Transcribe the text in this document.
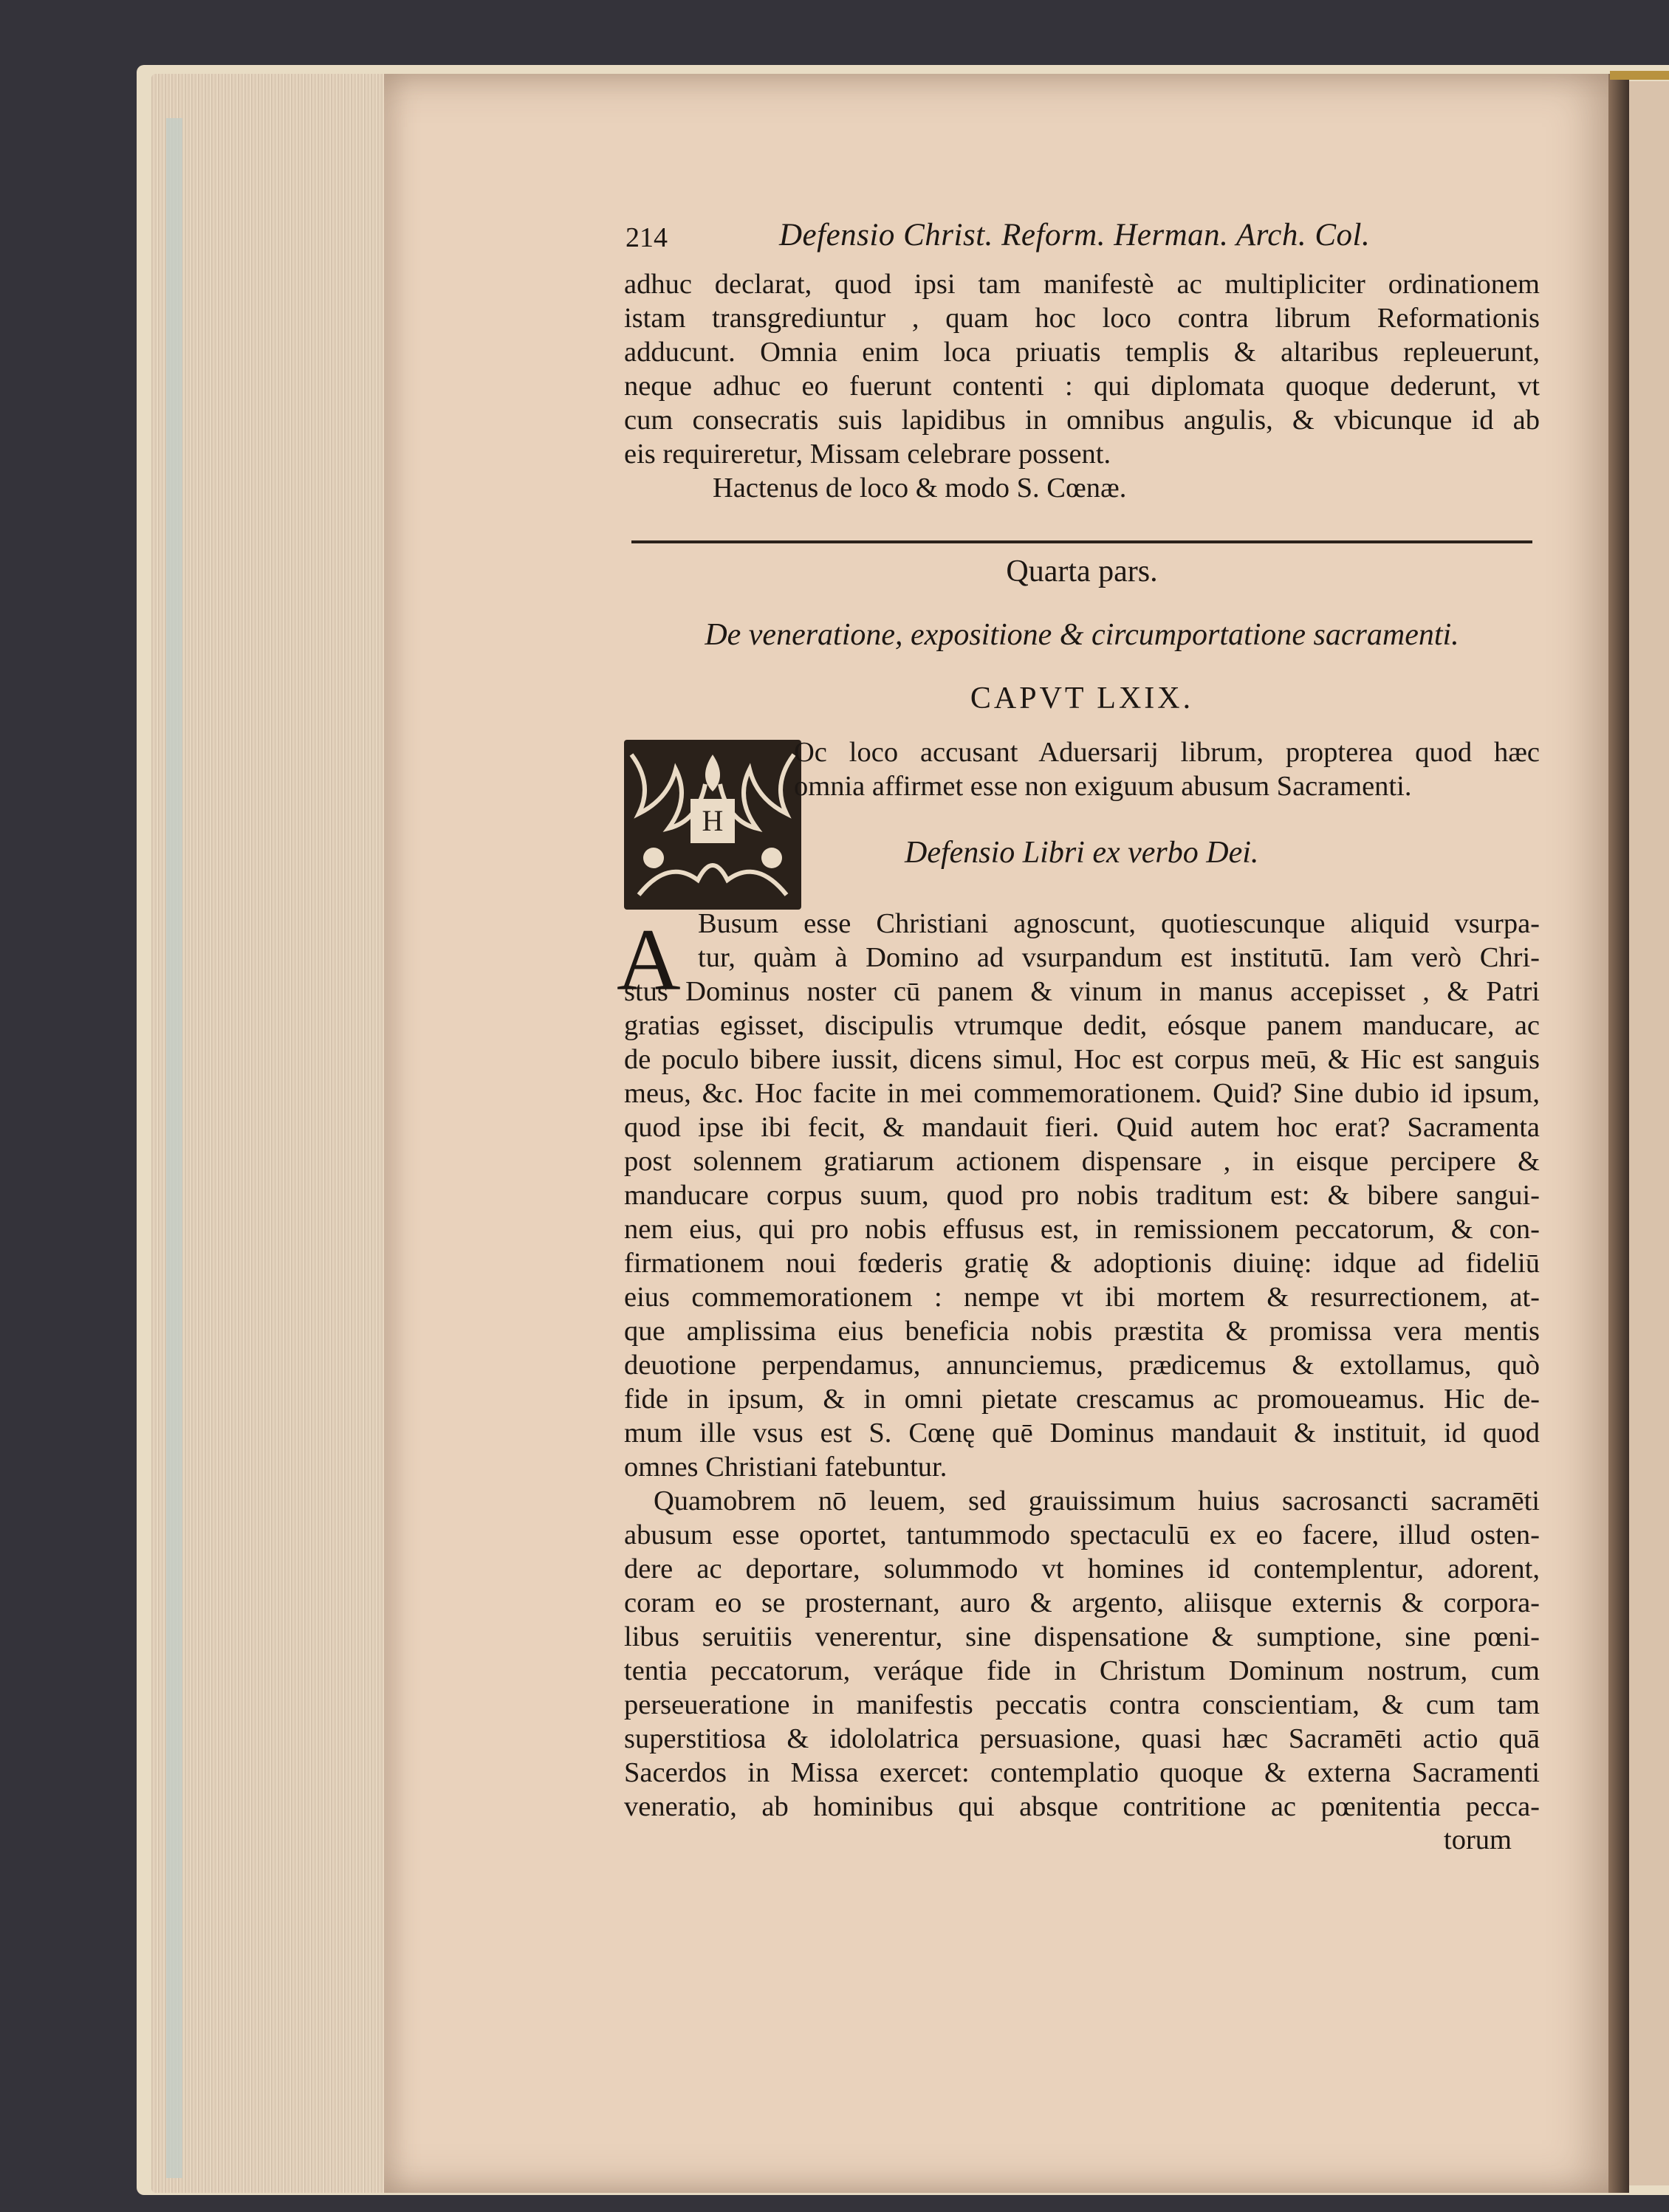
214	Defensio Christ. Reform. Herman. Arch. Col.
adhuc declarat, quod ipsi tam manifestè ac multipliciter ordinationem
istam transgrediuntur , quam hoc loco contra librum Reformationis
adducunt. Omnia enim loca priuatis templis & altaribus repleuerunt,
neque adhuc eo fuerunt contenti : qui diplomata quoque dederunt, vt
cum consecratis suis lapidibus in omnibus angulis, & vbicunque id ab
eis requireretur, Missam celebrare possent.
Hactenus de loco & modo S. Cœnæ.
Quarta pars.
De veneratione, expositione & circumportatione sacramenti.
CAPVT LXIX.
H
Oc loco accusant Aduersarij librum, propterea quod hæc
omnia affirmet esse non exiguum abusum Sacramenti.
Defensio Libri ex verbo Dei.
A Busum esse Christiani agnoscunt, quotiescunque aliquid vsurpa-
tur, quàm à Domino ad vsurpandum est institutū. Iam verò Chri-
stus Dominus noster cū panem & vinum in manus accepisset , & Patri
gratias egisset, discipulis vtrumque dedit, eósque panem manducare, ac
de poculo bibere iussit, dicens simul, Hoc est corpus meū, & Hic est sanguis
meus, &c. Hoc facite in mei commemorationem. Quid? Sine dubio id ipsum,
quod ipse ibi fecit, & mandauit fieri. Quid autem hoc erat? Sacramenta
post solennem gratiarum actionem dispensare , in eisque percipere &
manducare corpus suum, quod pro nobis traditum est: & bibere sangui-
nem eius, qui pro nobis effusus est, in remissionem peccatorum, & con-
firmationem noui fœderis gratię & adoptionis diuinę: idque ad fideliū
eius commemorationem : nempe vt ibi mortem & resurrectionem, at-
que amplissima eius beneficia nobis præstita & promissa vera mentis
deuotione perpendamus, annunciemus, prædicemus & extollamus, quò
fide in ipsum, & in omni pietate crescamus ac promoueamus. Hic de-
mum ille vsus est S. Cœnę quē Dominus mandauit & instituit, id quod
omnes Christiani fatebuntur.
Quamobrem nō leuem, sed grauissimum huius sacrosancti sacramēti
abusum esse oportet, tantummodo spectaculū ex eo facere, illud osten-
dere ac deportare, solummodo vt homines id contemplentur, adorent,
coram eo se prosternant, auro & argento, aliisque externis & corpora-
libus seruitiis venerentur, sine dispensatione & sumptione, sine pœni-
tentia peccatorum, veráque fide in Christum Dominum nostrum, cum
perseueratione in manifestis peccatis contra conscientiam, & cum tam
superstitiosa & idololatrica persuasione, quasi hæc Sacramēti actio quā
Sacerdos in Missa exercet: contemplatio quoque & externa Sacramenti
veneratio, ab hominibus qui absque contritione ac pœnitentia pecca-
torum
